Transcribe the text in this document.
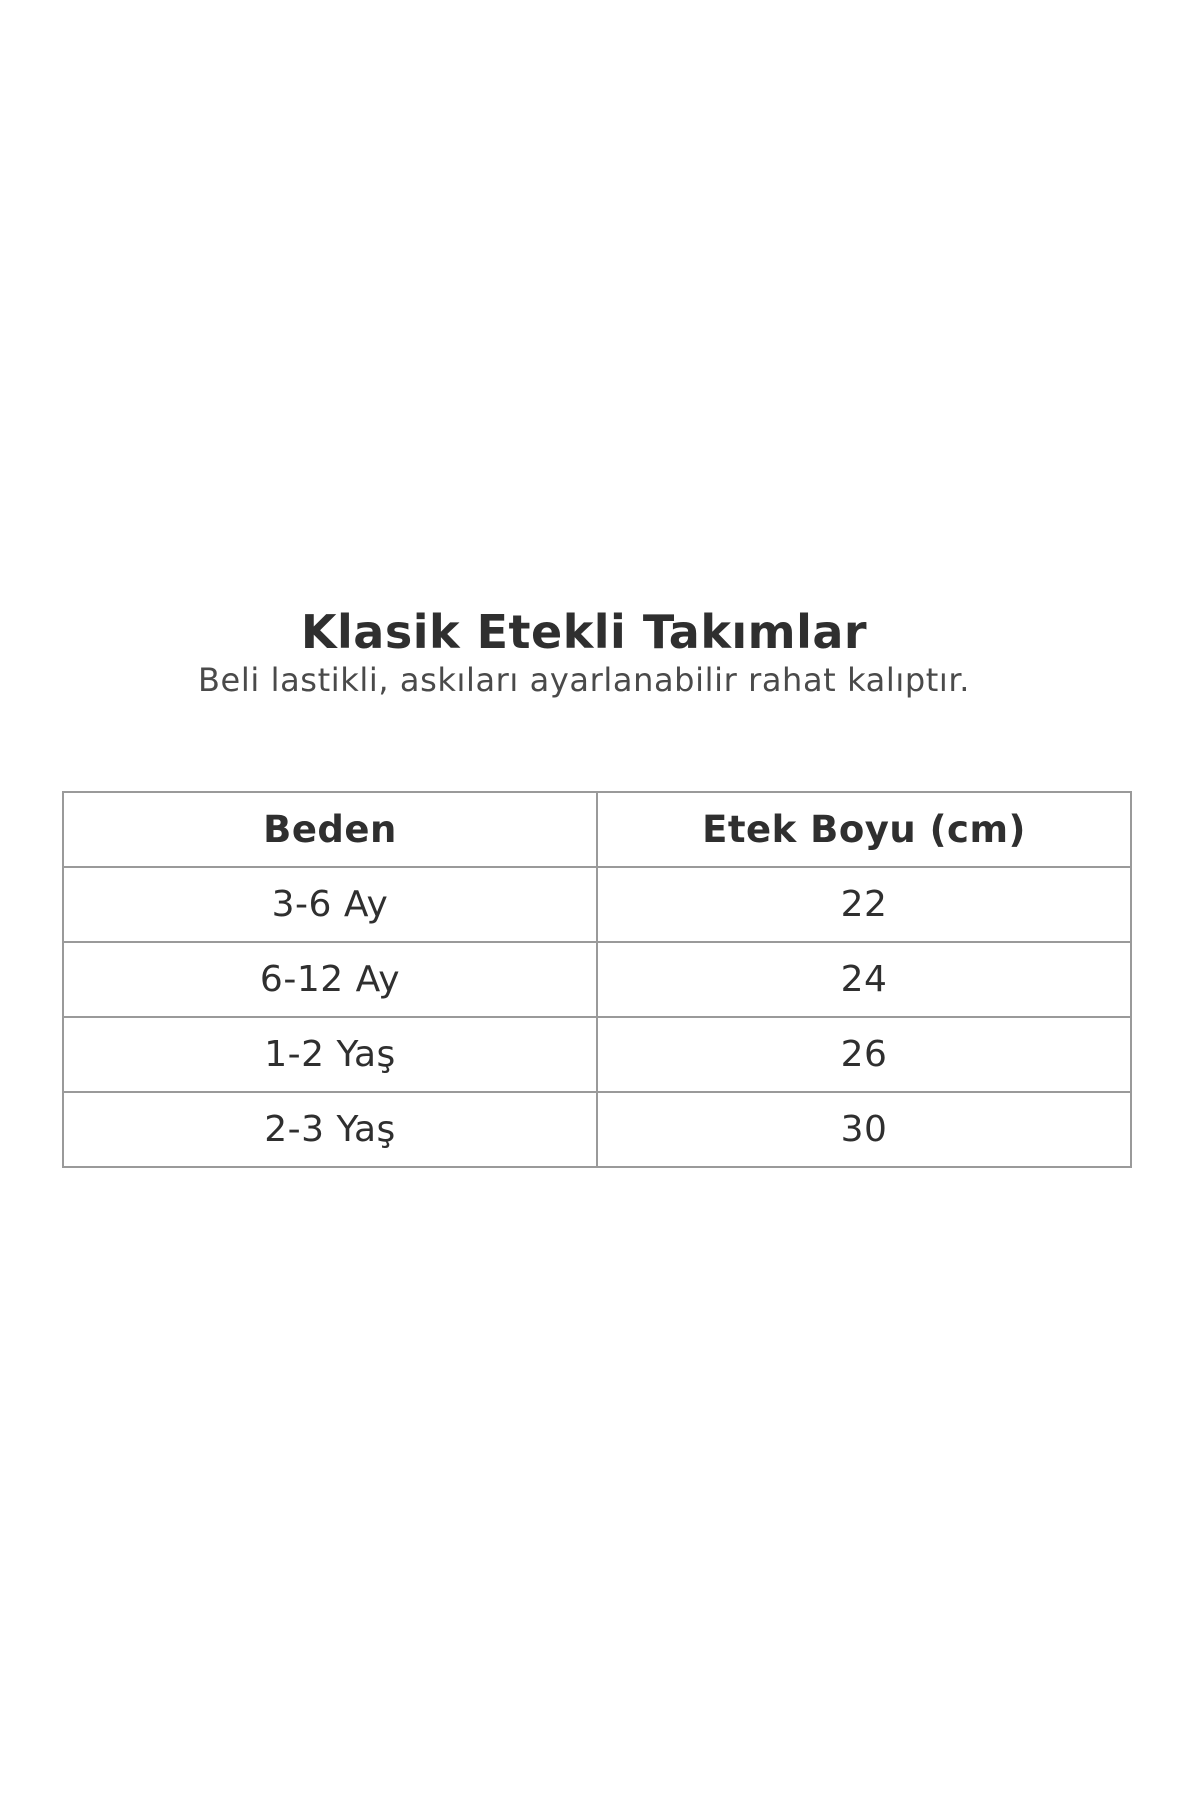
Klasik Etekli Takımlar
Beli lastikli, askıları ayarlanabilir rahat kalıptır.
Beden	Etek Boyu (cm)
3-6 Ay	22
6-12 Ay	24
1-2 Yaş	26
2-3 Yaş	30
